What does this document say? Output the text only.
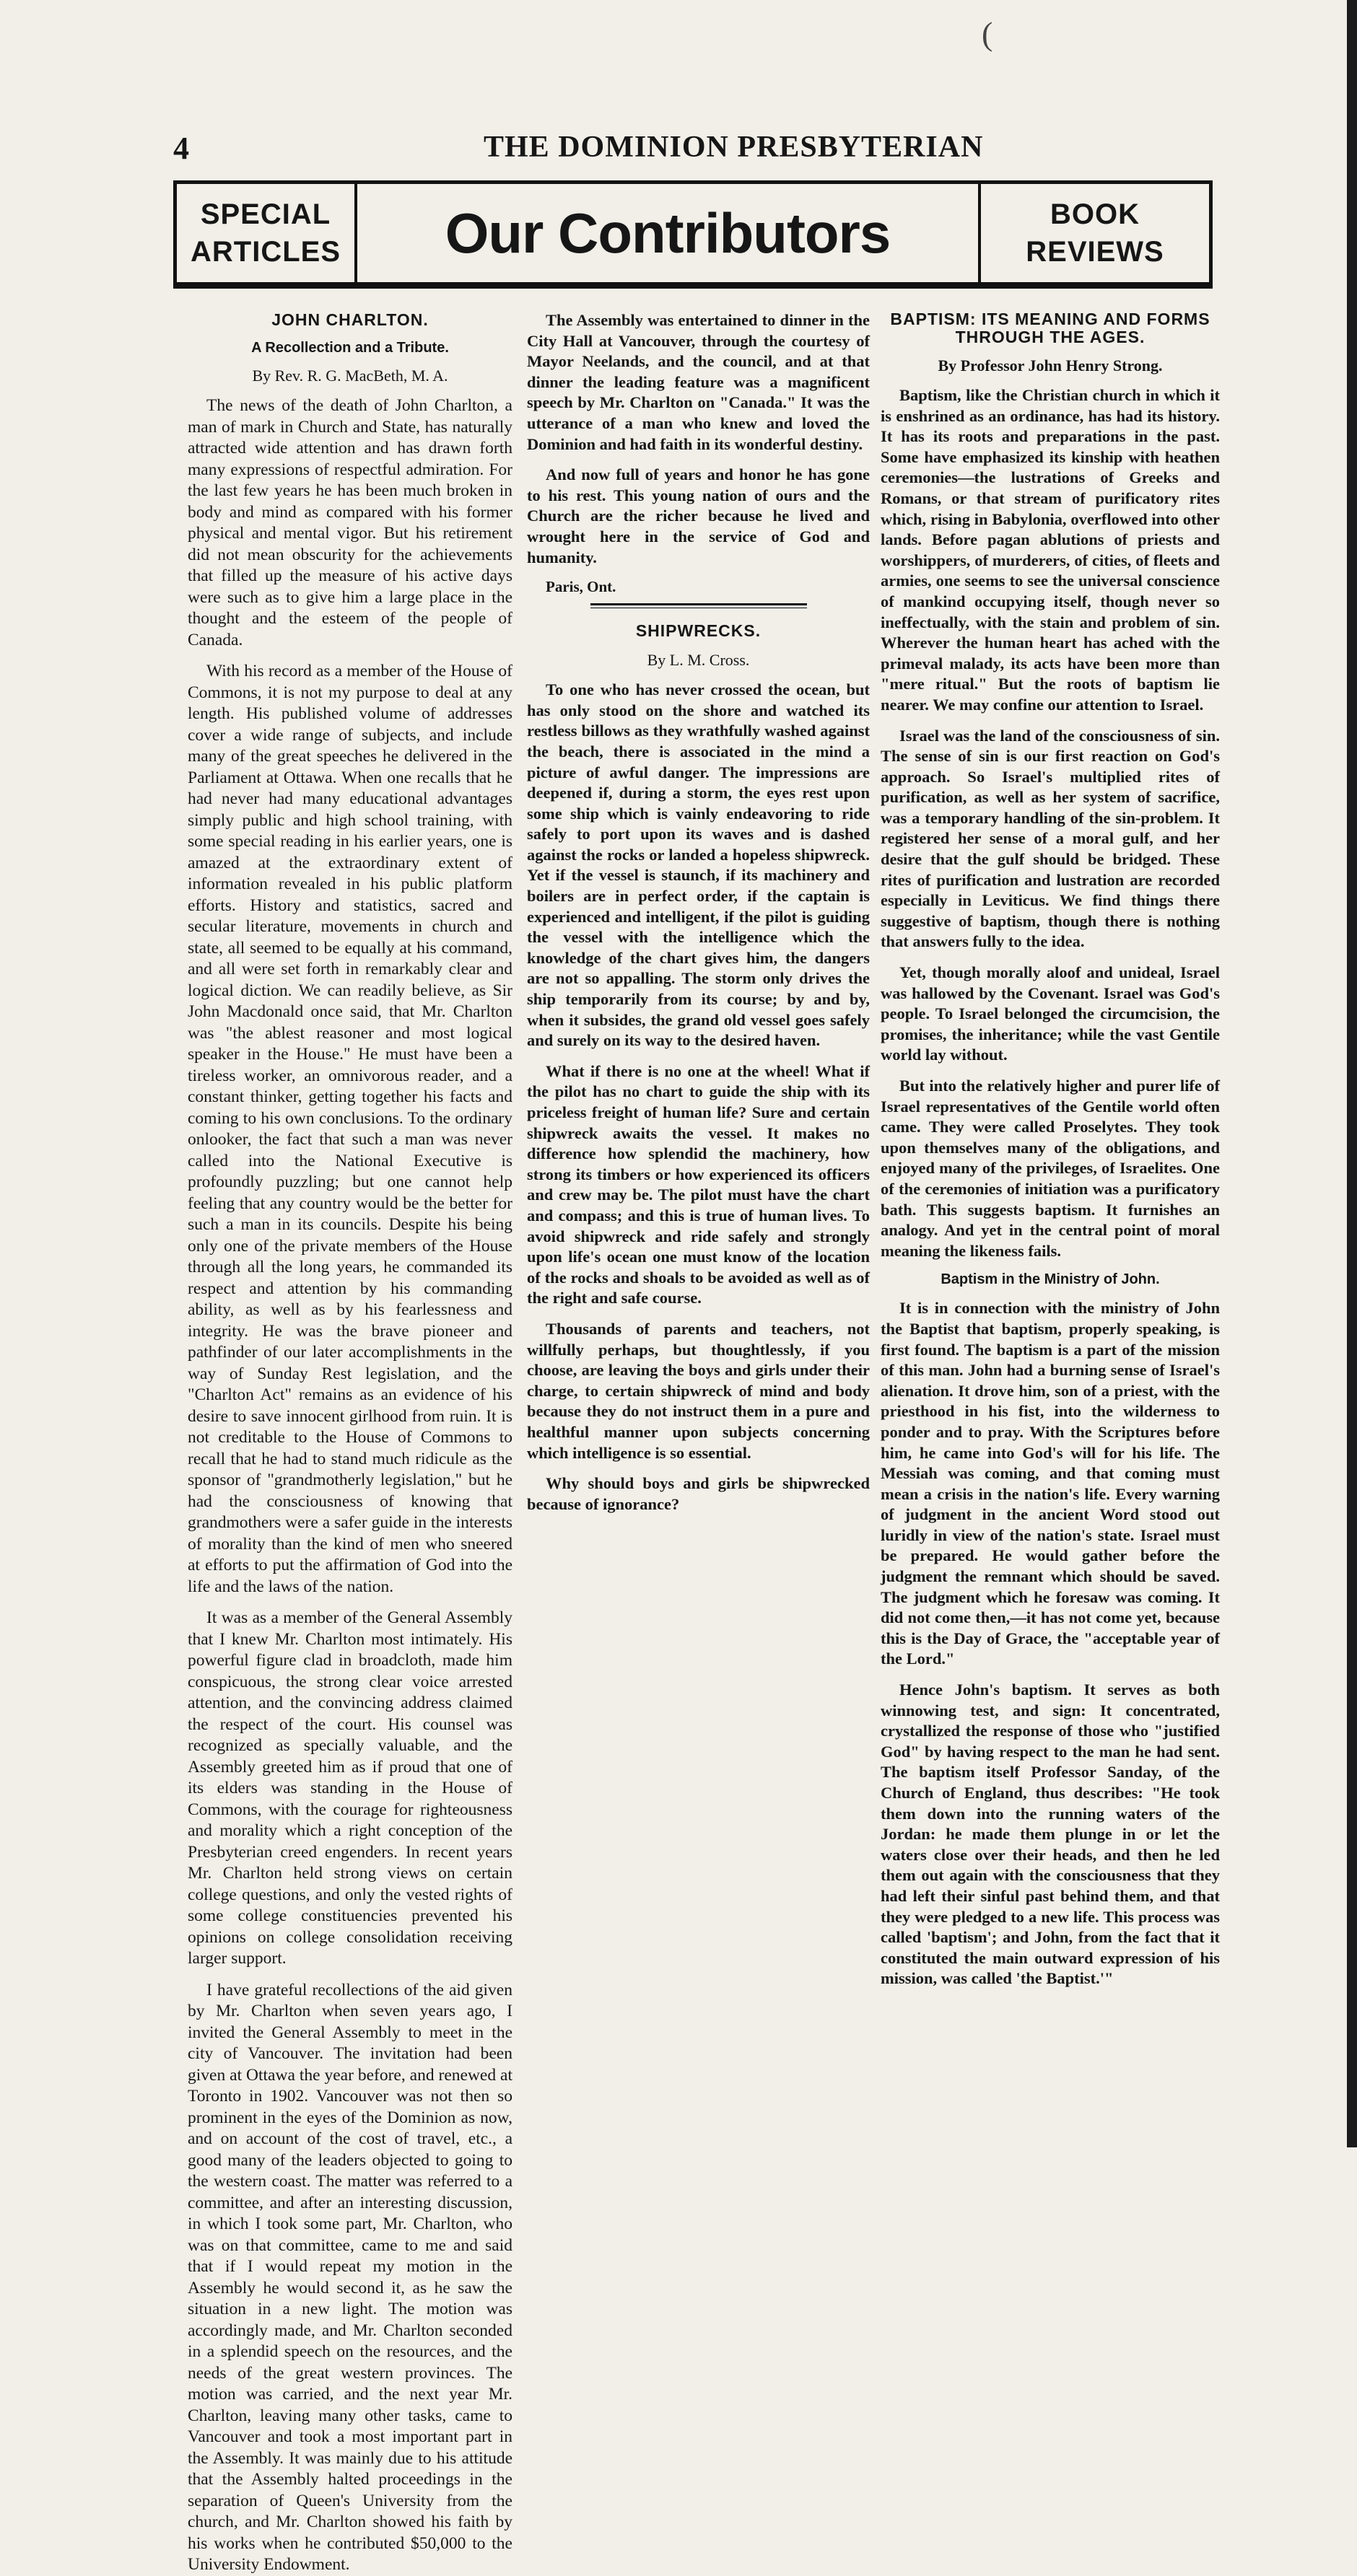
(
4	THE DOMINION PRESBYTERIAN
SPECIAL
ARTICLES	Our Contributors	BOOK
REVIEWS
JOHN CHARLTON.
A Recollection and a Tribute.
By Rev. R. G. MacBeth, M. A.

The news of the death of John Charlton, a man of mark in Church and State, has naturally attracted wide attention and has drawn forth many expressions of respectful admiration. For the last few years he has been much broken in body and mind as compared with his former physical and mental vigor. But his retirement did not mean obscurity for the achievements that filled up the measure of his active days were such as to give him a large place in the thought and the esteem of the people of Canada.

With his record as a member of the House of Commons, it is not my purpose to deal at any length. His published volume of addresses cover a wide range of subjects, and include many of the great speeches he delivered in the Parliament at Ottawa. When one recalls that he had never had many educational advantages simply public and high school training, with some special reading in his earlier years, one is amazed at the extraordinary extent of information revealed in his public platform efforts. History and statistics, sacred and secular literature, movements in church and state, all seemed to be equally at his command, and all were set forth in remarkably clear and logical diction. We can readily believe, as Sir John Macdonald once said, that Mr. Charlton was "the ablest reasoner and most logical speaker in the House." He must have been a tireless worker, an omnivorous reader, and a constant thinker, getting together his facts and coming to his own conclusions. To the ordinary onlooker, the fact that such a man was never called into the National Executive is profoundly puzzling; but one cannot help feeling that any country would be the better for such a man in its councils. Despite his being only one of the private members of the House through all the long years, he commanded its respect and attention by his commanding ability, as well as by his fearlessness and integrity. He was the brave pioneer and pathfinder of our later accomplishments in the way of Sunday Rest legislation, and the "Charlton Act" remains as an evidence of his desire to save innocent girlhood from ruin. It is not creditable to the House of Commons to recall that he had to stand much ridicule as the sponsor of "grandmotherly legislation," but he had the consciousness of knowing that grandmothers were a safer guide in the interests of morality than the kind of men who sneered at efforts to put the affirmation of God into the life and the laws of the nation.

It was as a member of the General Assembly that I knew Mr. Charlton most intimately. His powerful figure clad in broadcloth, made him conspicuous, the strong clear voice arrested attention, and the convincing address claimed the respect of the court. His counsel was recognized as specially valuable, and the Assembly greeted him as if proud that one of its elders was standing in the House of Commons, with the courage for righteousness and morality which a right conception of the Presbyterian creed engenders. In recent years Mr. Charlton held strong views on certain college questions, and only the vested rights of some college constituencies prevented his opinions on college consolidation receiving larger support.

I have grateful recollections of the aid given by Mr. Charlton when seven years ago, I invited the General Assembly to meet in the city of Vancouver. The invitation had been given at Ottawa the year before, and renewed at Toronto in 1902. Vancouver was not then so prominent in the eyes of the Dominion as now, and on account of the cost of travel, etc., a good many of the leaders objected to going to the western coast. The matter was referred to a committee, and after an interesting discussion, in which I took some part, Mr. Charlton, who was on that committee, came to me and said that if I would repeat my motion in the Assembly he would second it, as he saw the situation in a new light. The motion was accordingly made, and Mr. Charlton seconded in a splendid speech on the resources, and the needs of the great western provinces. The motion was carried, and the next year Mr. Charlton, leaving many other tasks, came to Vancouver and took a most important part in the Assembly. It was mainly due to his attitude that the Assembly halted proceedings in the separation of Queen's University from the church, and Mr. Charlton showed his faith by his works when he contributed $50,000 to the University Endowment.

The Assembly was entertained to dinner in the City Hall at Vancouver, through the courtesy of Mayor Neelands, and the council, and at that dinner the leading feature was a magnificent speech by Mr. Charlton on "Canada." It was the utterance of a man who knew and loved the Dominion and had faith in its wonderful destiny.

And now full of years and honor he has gone to his rest. This young nation of ours and the Church are the richer because he lived and wrought here in the service of God and humanity.

Paris, Ont.
SHIPWRECKS.
By L. M. Cross.

To one who has never crossed the ocean, but has only stood on the shore and watched its restless billows as they wrathfully washed against the beach, there is associated in the mind a picture of awful danger. The impressions are deepened if, during a storm, the eyes rest upon some ship which is vainly endeavoring to ride safely to port upon its waves and is dashed against the rocks or landed a hopeless shipwreck. Yet if the vessel is staunch, if its machinery and boilers are in perfect order, if the captain is experienced and intelligent, if the pilot is guiding the vessel with the intelligence which the knowledge of the chart gives him, the dangers are not so appalling. The storm only drives the ship temporarily from its course; by and by, when it subsides, the grand old vessel goes safely and surely on its way to the desired haven.

What if there is no one at the wheel! What if the pilot has no chart to guide the ship with its priceless freight of human life? Sure and certain shipwreck awaits the vessel. It makes no difference how splendid the machinery, how strong its timbers or how experienced its officers and crew may be. The pilot must have the chart and compass; and this is true of human lives. To avoid shipwreck and ride safely and strongly upon life's ocean one must know of the location of the rocks and shoals to be avoided as well as of the right and safe course.

Thousands of parents and teachers, not willfully perhaps, but thoughtlessly, if you choose, are leaving the boys and girls under their charge, to certain shipwreck of mind and body because they do not instruct them in a pure and healthful manner upon subjects concerning which intelligence is so essential.

Why should boys and girls be shipwrecked because of ignorance?

BAPTISM: ITS MEANING AND FORMS THROUGH THE AGES.
By Professor John Henry Strong.

Baptism, like the Christian church in which it is enshrined as an ordinance, has had its history. It has its roots and preparations in the past. Some have emphasized its kinship with heathen ceremonies—the lustrations of Greeks and Romans, or that stream of purificatory rites which, rising in Babylonia, overflowed into other lands. Before pagan ablutions of priests and worshippers, of murderers, of cities, of fleets and armies, one seems to see the universal conscience of mankind occupying itself, though never so ineffectually, with the stain and problem of sin. Wherever the human heart has ached with the primeval malady, its acts have been more than "mere ritual." But the roots of baptism lie nearer. We may confine our attention to Israel.

Israel was the land of the consciousness of sin. The sense of sin is our first reaction on God's approach. So Israel's multiplied rites of purification, as well as her system of sacrifice, was a temporary handling of the sin-problem. It registered her sense of a moral gulf, and her desire that the gulf should be bridged. These rites of purification and lustration are recorded especially in Leviticus. We find things there suggestive of baptism, though there is nothing that answers fully to the idea.

Yet, though morally aloof and unideal, Israel was hallowed by the Covenant. Israel was God's people. To Israel belonged the circumcision, the promises, the inheritance; while the vast Gentile world lay without.

But into the relatively higher and purer life of Israel representatives of the Gentile world often came. They were called Proselytes. They took upon themselves many of the obligations, and enjoyed many of the privileges, of Israelites. One of the ceremonies of initiation was a purificatory bath. This suggests baptism. It furnishes an analogy. And yet in the central point of moral meaning the likeness fails.

Baptism in the Ministry of John.

It is in connection with the ministry of John the Baptist that baptism, properly speaking, is first found. The baptism is a part of the mission of this man. John had a burning sense of Israel's alienation. It drove him, son of a priest, with the priesthood in his fist, into the wilderness to ponder and to pray. With the Scriptures before him, he came into God's will for his life. The Messiah was coming, and that coming must mean a crisis in the nation's life. Every warning of judgment in the ancient Word stood out luridly in view of the nation's state. Israel must be prepared. He would gather before the judgment the remnant which should be saved. The judgment which he foresaw was coming. It did not come then,—it has not come yet, because this is the Day of Grace, the "acceptable year of the Lord."

Hence John's baptism. It serves as both winnowing test, and sign: It concentrated, crystallized the response of those who "justified God" by having respect to the man he had sent. The baptism itself Professor Sanday, of the Church of England, thus describes: "He took them down into the running waters of the Jordan: he made them plunge in or let the waters close over their heads, and then he led them out again with the consciousness that they had left their sinful past behind them, and that they were pledged to a new life. This process was called 'baptism'; and John, from the fact that it constituted the main outward expression of his mission, was called 'the Baptist.'"
